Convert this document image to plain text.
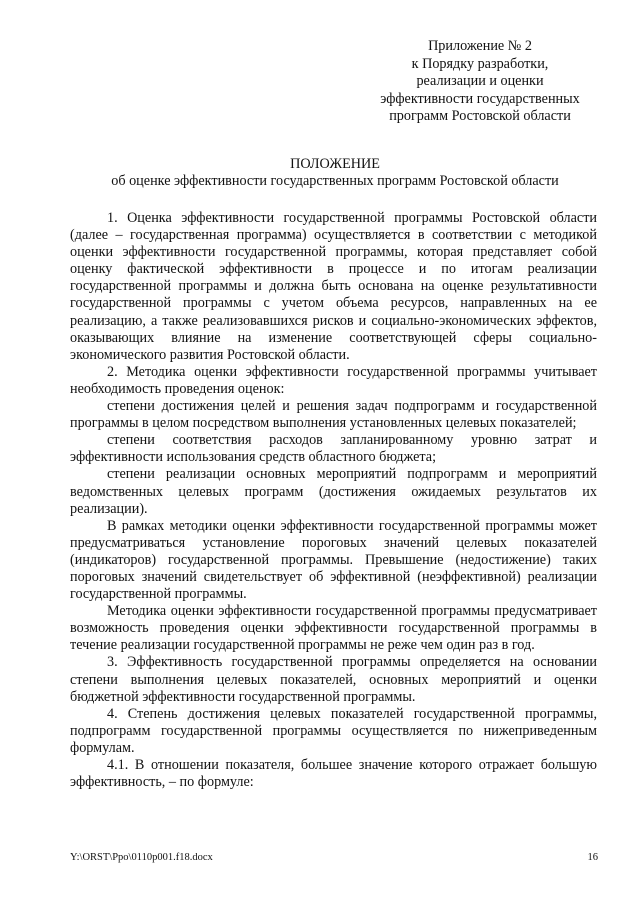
Приложение № 2
к Порядку разработки,
реализации и оценки
эффективности государственных
программ Ростовской области
ПОЛОЖЕНИЕ
об оценке эффективности государственных программ Ростовской области

1. Оценка эффективности государственной программы Ростовской области (далее – государственная программа) осуществляется в соответствии с методикой оценки эффективности государственной программы, которая представляет собой оценку фактической эффективности в процессе и по итогам реализации государственной программы и должна быть основана на оценке результативности государственной программы с учетом объема ресурсов, направленных на ее реализацию, а также реализовавшихся рисков и социально-экономических эффектов, оказывающих влияние на изменение соответствующей сферы социально-экономического развития Ростовской области.

2. Методика оценки эффективности государственной программы учитывает необходимость проведения оценок:

степени достижения целей и решения задач подпрограмм и государственной программы в целом посредством выполнения установленных целевых показателей;

степени соответствия расходов запланированному уровню затрат и эффективности использования средств областного бюджета;

степени реализации основных мероприятий подпрограмм и мероприятий ведомственных целевых программ (достижения ожидаемых результатов их реализации).

В рамках методики оценки эффективности государственной программы может предусматриваться установление пороговых значений целевых показателей (индикаторов) государственной программы. Превышение (недостижение) таких пороговых значений свидетельствует об эффективной (неэффективной) реализации государственной программы.

Методика оценки эффективности государственной программы предусматривает возможность проведения оценки эффективности государственной программы в течение реализации государственной программы не реже чем один раз в год.

3. Эффективность государственной программы определяется на основании степени выполнения целевых показателей, основных мероприятий и оценки бюджетной эффективности государственной программы.

4. Степень достижения целевых показателей государственной программы, подпрограмм государственной программы осуществляется по нижеприведенным формулам.

4.1. В отношении показателя, большее значение которого отражает большую эффективность, – по формуле:

Y:\ORST\Ppo\0110p001.f18.docx	16
